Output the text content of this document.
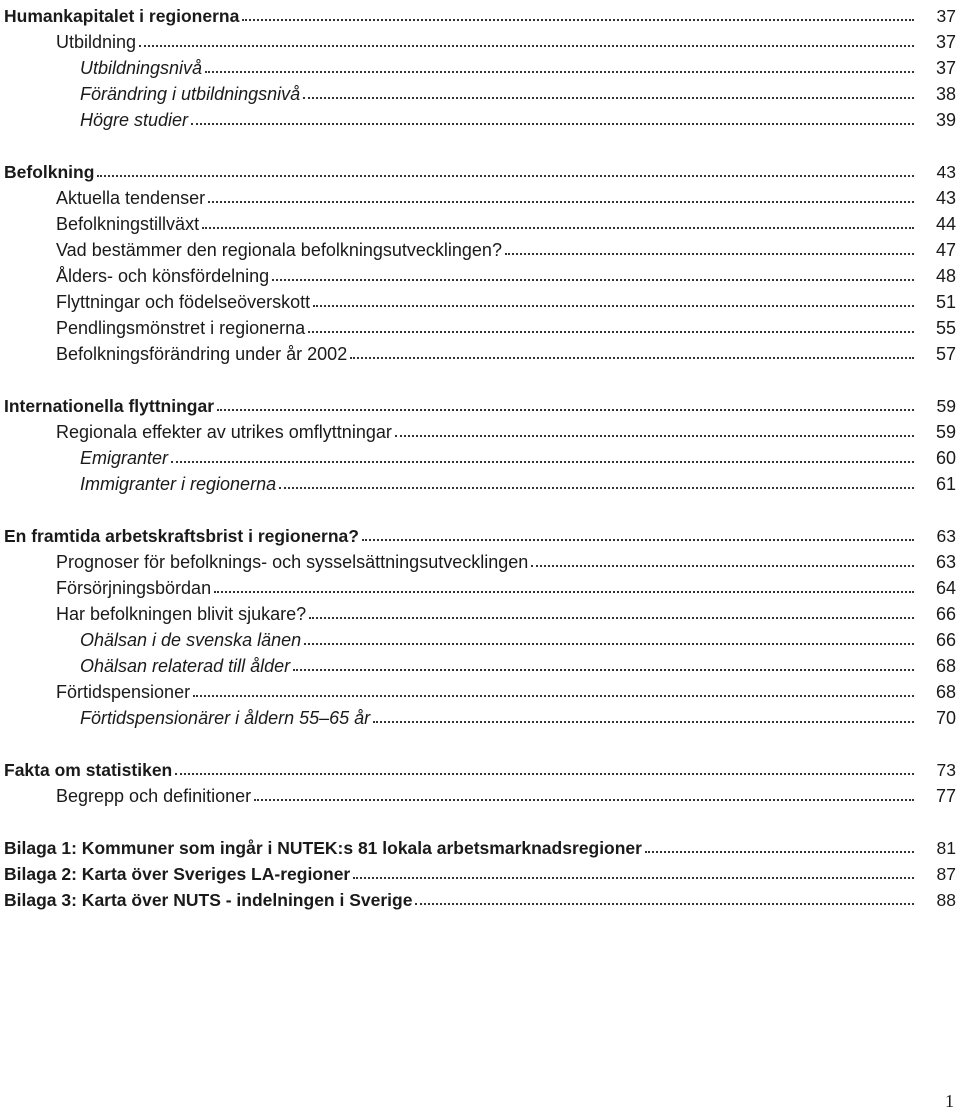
Humankapitalet i regionerna	37
Utbildning	37
Utbildningsnivå	37
Förändring i utbildningsnivå	38
Högre studier	39
Befolkning	43
Aktuella tendenser	43
Befolkningstillväxt	44
Vad bestämmer den regionala befolkningsutvecklingen?	47
Ålders- och könsfördelning	48
Flyttningar och födelseöverskott	51
Pendlingsmönstret i regionerna	55
Befolkningsförändring under år 2002	57
Internationella flyttningar	59
Regionala effekter av utrikes omflyttningar	59
Emigranter	60
Immigranter i regionerna	61
En framtida arbetskraftsbrist i regionerna?	63
Prognoser för befolknings- och sysselsättningsutvecklingen	63
Försörjningsbördan	64
Har befolkningen blivit sjukare?	66
Ohälsan i de svenska länen	66
Ohälsan relaterad till ålder	68
Förtidspensioner	68
Förtidspensionärer i åldern 55–65 år	70
Fakta om statistiken	73
Begrepp och definitioner	77
Bilaga 1: Kommuner som ingår i NUTEK:s 81 lokala arbetsmarknadsregioner	81
Bilaga 2: Karta över Sveriges LA-regioner	87
Bilaga 3: Karta över NUTS - indelningen i Sverige	88
1
